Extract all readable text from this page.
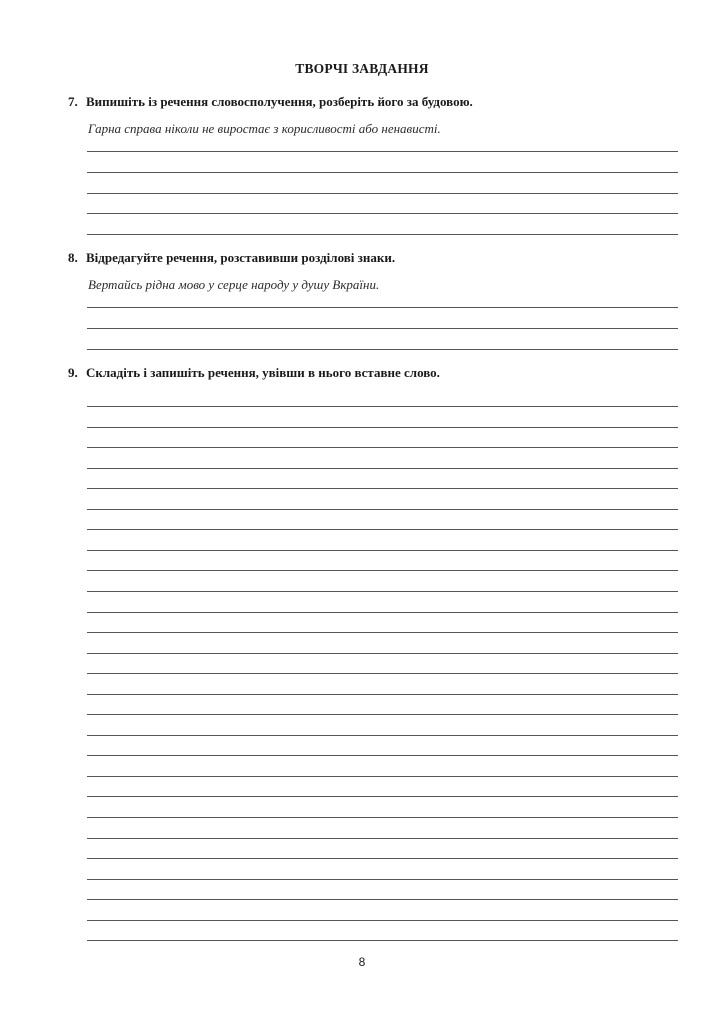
ТВОРЧІ ЗАВДАННЯ
7. Випишіть із речення словосполучення, розберіть його за будовою.
Гарна справа ніколи не виростає з корисливості або ненависті.
8. Відредагуйте речення, розставивши розділові знаки.
Вертайсь рідна мово у серце народу у душу Вкраїни.
9. Складіть і запишіть речення, увівши в нього вставне слово.
8
